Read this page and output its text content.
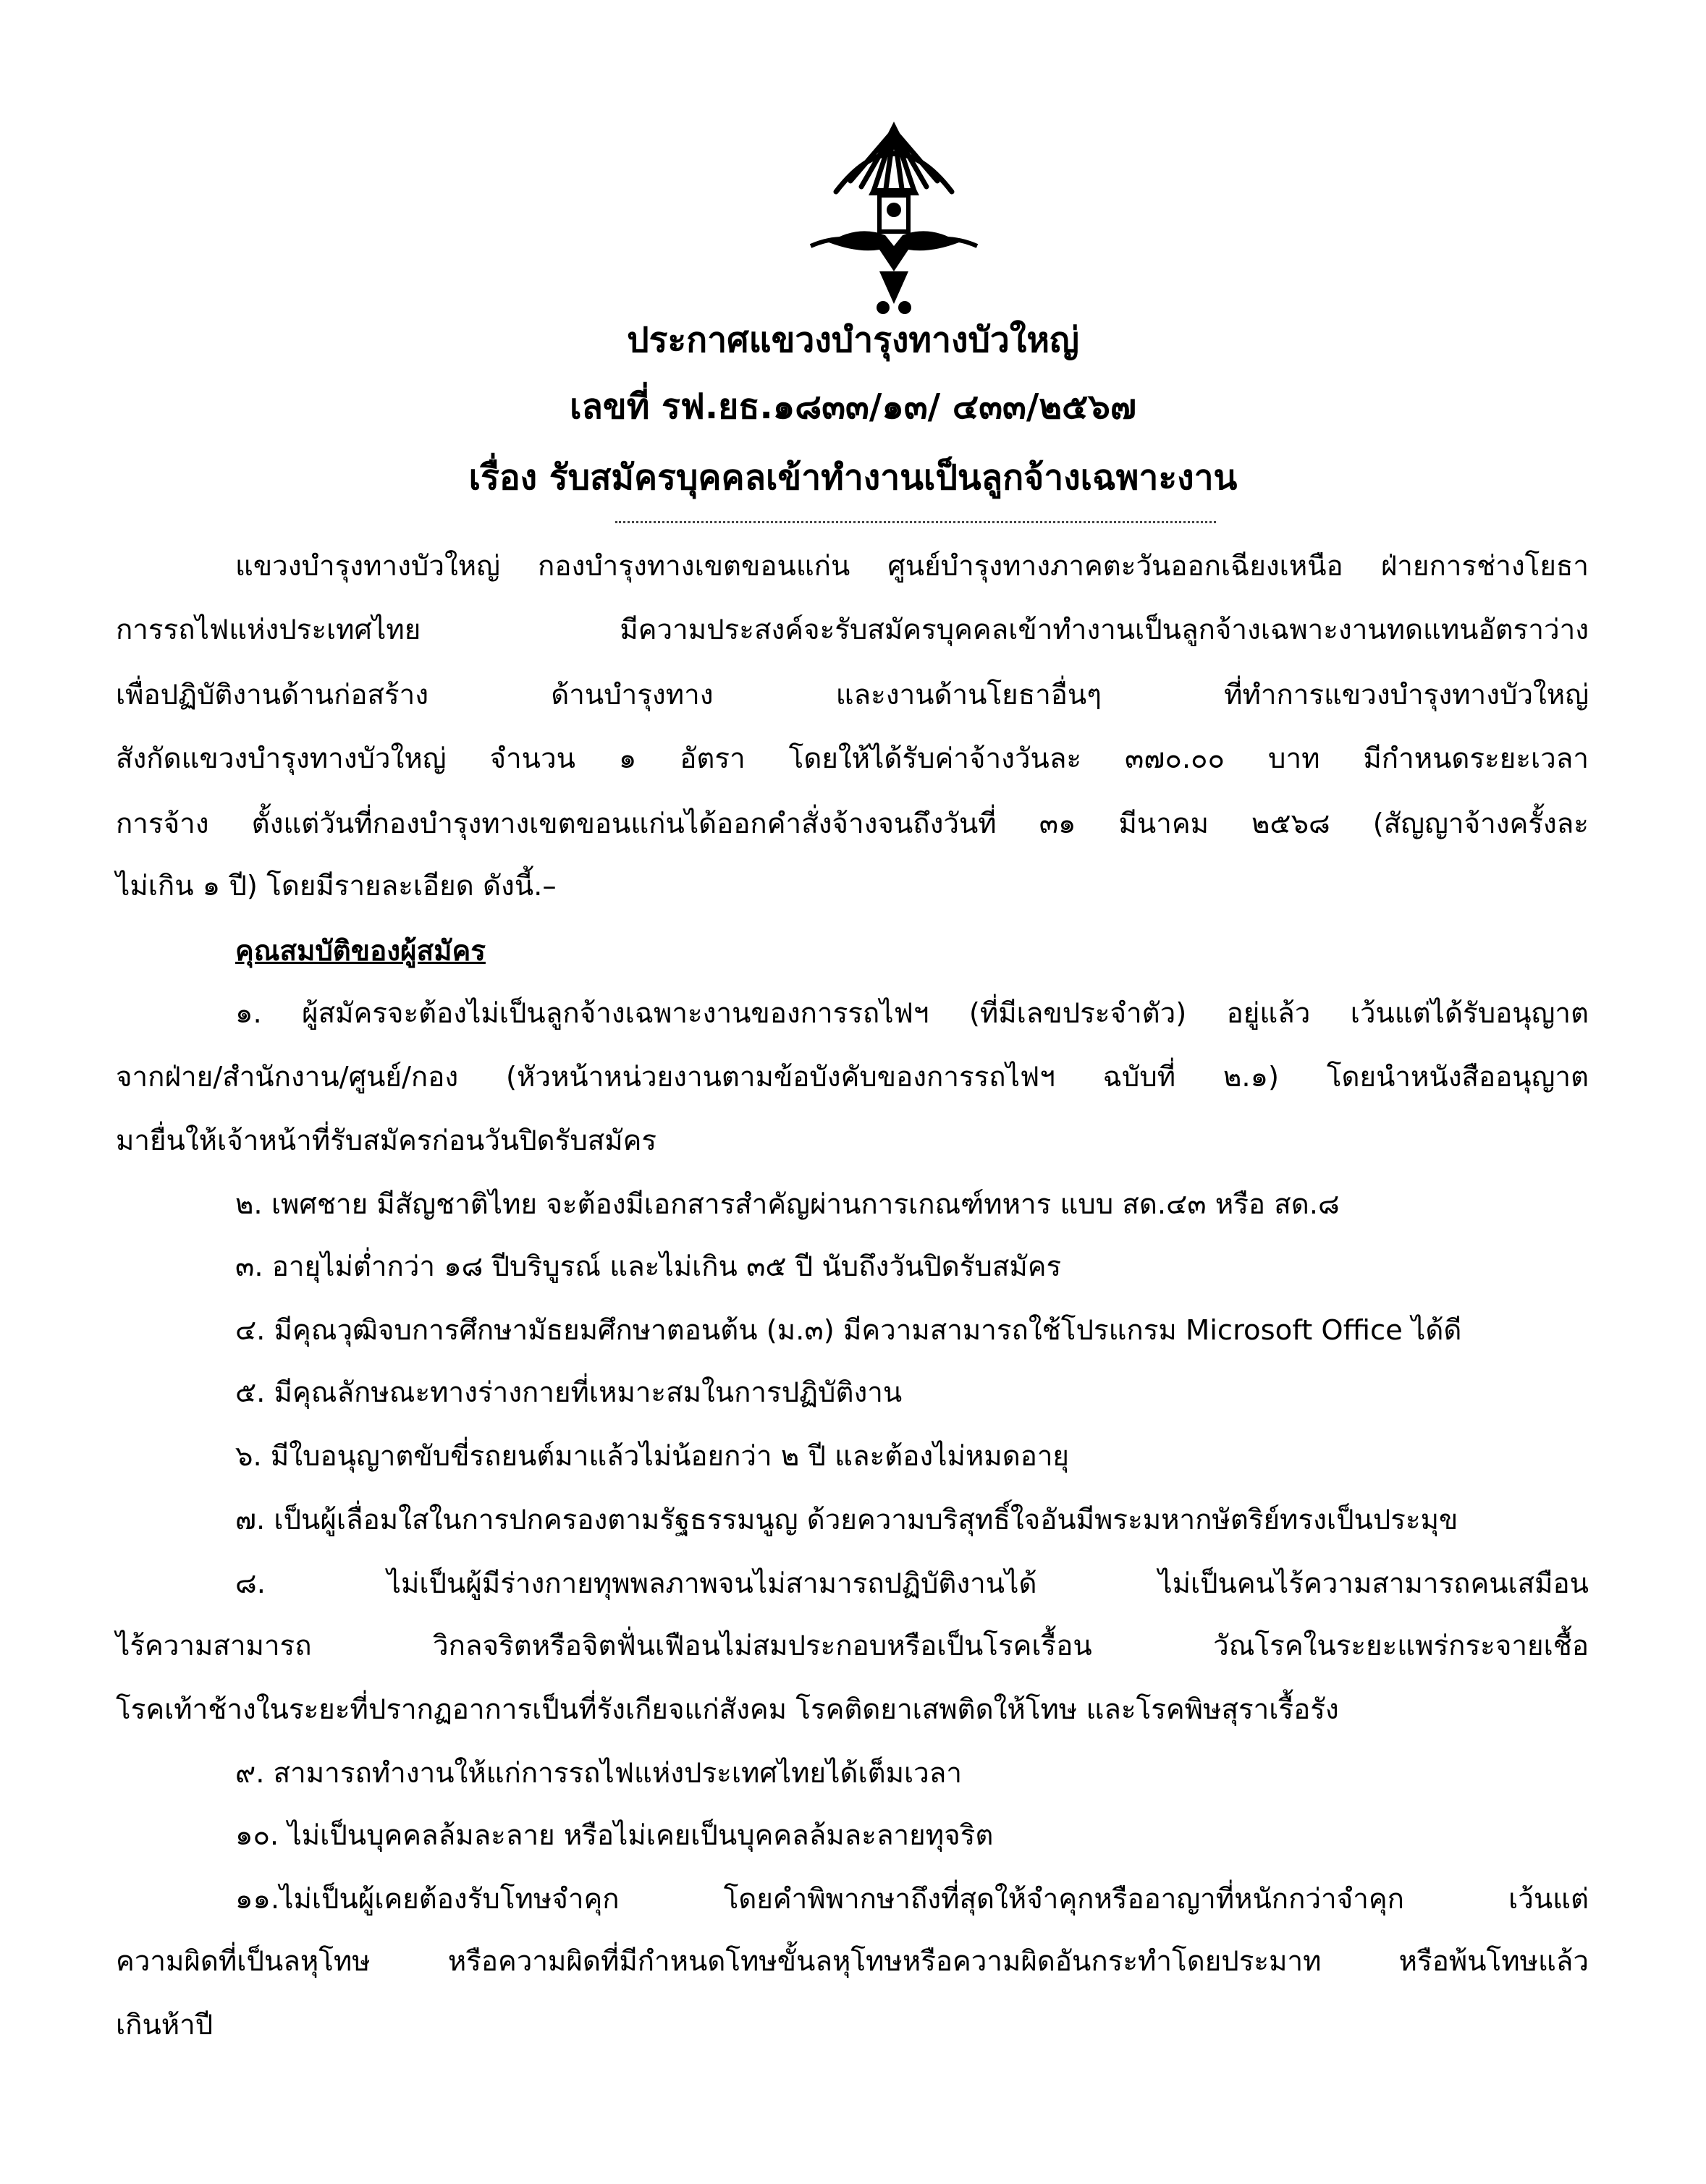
ประกาศแขวงบำรุงทางบัวใหญ่
เลขที่ รฟ.ยธ.๑๘๓๓/๑๓/ ๔๓๓/๒๕๖๗
เรื่อง รับสมัครบุคคลเข้าทำงานเป็นลูกจ้างเฉพาะงาน
แขวงบำรุงทางบัวใหญ่ กองบำรุงทางเขตขอนแก่น ศูนย์บำรุงทางภาคตะวันออกเฉียงเหนือ ฝ่ายการช่างโยธา
การรถไฟแห่งประเทศไทย มีความประสงค์จะรับสมัครบุคคลเข้าทำงานเป็นลูกจ้างเฉพาะงานทดแทนอัตราว่าง
เพื่อปฏิบัติงานด้านก่อสร้าง ด้านบำรุงทาง และงานด้านโยธาอื่นๆ ที่ทำการแขวงบำรุงทางบัวใหญ่
สังกัดแขวงบำรุงทางบัวใหญ่ จำนวน ๑ อัตรา โดยให้ได้รับค่าจ้างวันละ ๓๗๐.๐๐ บาท มีกำหนดระยะเวลา
การจ้าง ตั้งแต่วันที่กองบำรุงทางเขตขอนแก่นได้ออกคำสั่งจ้างจนถึงวันที่ ๓๑ มีนาคม ๒๕๖๘ (สัญญาจ้างครั้งละ
ไม่เกิน ๑ ปี) โดยมีรายละเอียด ดังนี้.–
คุณสมบัติของผู้สมัคร
๑. ผู้สมัครจะต้องไม่เป็นลูกจ้างเฉพาะงานของการรถไฟฯ (ที่มีเลขประจำตัว) อยู่แล้ว เว้นแต่ได้รับอนุญาต
จากฝ่าย/สำนักงาน/ศูนย์/กอง (หัวหน้าหน่วยงานตามข้อบังคับของการรถไฟฯ ฉบับที่ ๒.๑) โดยนำหนังสืออนุญาต
มายื่นให้เจ้าหน้าที่รับสมัครก่อนวันปิดรับสมัคร
๒. เพศชาย มีสัญชาติไทย จะต้องมีเอกสารสำคัญผ่านการเกณฑ์ทหาร แบบ สด.๔๓ หรือ สด.๘
๓. อายุไม่ต่ำกว่า ๑๘ ปีบริบูรณ์ และไม่เกิน ๓๕ ปี นับถึงวันปิดรับสมัคร
๔. มีคุณวุฒิจบการศึกษามัธยมศึกษาตอนต้น (ม.๓) มีความสามารถใช้โปรแกรม Microsoft Office ได้ดี
๕. มีคุณลักษณะทางร่างกายที่เหมาะสมในการปฏิบัติงาน
๖. มีใบอนุญาตขับขี่รถยนต์มาแล้วไม่น้อยกว่า ๒ ปี และต้องไม่หมดอายุ
๗. เป็นผู้เลื่อมใสในการปกครองตามรัฐธรรมนูญ ด้วยความบริสุทธิ์ใจอันมีพระมหากษัตริย์ทรงเป็นประมุข
๘. ไม่เป็นผู้มีร่างกายทุพพลภาพจนไม่สามารถปฏิบัติงานได้ ไม่เป็นคนไร้ความสามารถคนเสมือน
ไร้ความสามารถ วิกลจริตหรือจิตฟั่นเฟือนไม่สมประกอบหรือเป็นโรคเรื้อน วัณโรคในระยะแพร่กระจายเชื้อ
โรคเท้าช้างในระยะที่ปรากฏอาการเป็นที่รังเกียจแก่สังคม โรคติดยาเสพติดให้โทษ และโรคพิษสุราเรื้อรัง
๙. สามารถทำงานให้แก่การรถไฟแห่งประเทศไทยได้เต็มเวลา
๑๐. ไม่เป็นบุคคลล้มละลาย หรือไม่เคยเป็นบุคคลล้มละลายทุจริต
๑๑.ไม่เป็นผู้เคยต้องรับโทษจำคุก โดยคำพิพากษาถึงที่สุดให้จำคุกหรืออาญาที่หนักกว่าจำคุก เว้นแต่
ความผิดที่เป็นลหุโทษ หรือความผิดที่มีกำหนดโทษขั้นลหุโทษหรือความผิดอันกระทำโดยประมาท หรือพ้นโทษแล้ว
เกินห้าปี
